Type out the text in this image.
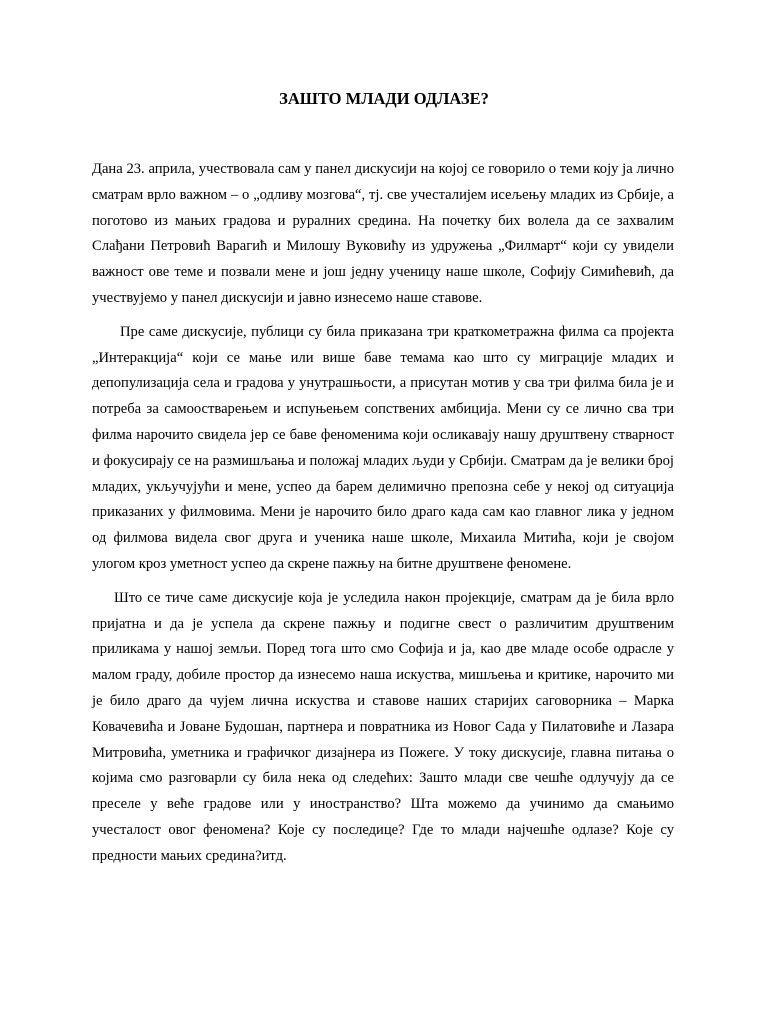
ЗАШТО МЛАДИ ОДЛАЗЕ?

Дана 23. априла, учествовала сам у панел дискусији на којој се говорило о теми коју ја лично сматрам врло важном – о „одливу мозгова“, тј. све учесталијем исељењу младих из Србије, а поготово из мањих градова и руралних средина. На почетку бих волела да се захвалим Слађани Петровић Варагић и Милошу Вуковићу из удружења „Филмарт“ који су увидели важност ове теме и позвали мене и још једну ученицу наше школе, Софију Симићевић, да учествујемо у панел дискусији и јавно изнесемо наше ставове.

Пре саме дискусије, публици су била приказана три краткометражна филма са пројекта „Интеракција“ који се мање или више баве темама као што су миграције младих и депопулизација села и градова у унутрашњости, а присутан мотив у сва три филма била је и потреба за самоостварењем и испуњењем сопствених амбиција. Мени су се лично сва три филма нарочито свидела јер се баве феноменима који осликавају нашу друштвену стварност и фокусирају се на размишљања и положај младих људи у Србији. Сматрам да је велики број младих, укључујући и мене, успео да барем делимично препозна себе у некој од ситуација приказаних у филмовима. Мени је нарочито било драго када сам као главног лика у једном од филмова видела свог друга и ученика наше школе, Михаила Митића, који је својом улогом кроз уметност успео да скрене пажњу на битне друштвене феномене.

Што се тиче саме дискусије која је уследила након пројекције, сматрам да је била врло пријатна и да је успела да скрене пажњу и подигне свест о различитим друштвеним приликама у нашој земљи. Поред тога што смо Софија и ја, као две младе особе одрасле у малом граду, добиле простор да изнесемо наша искуства, мишљења и критике, нарочито ми је било драго да чујем лична искуства и ставове наших старијих саговорника – Марка Ковачевића и Јоване Будошан, партнера и повратника из Новог Сада у Пилатовиће и Лазара Митровића, уметника и графичког дизајнера из Пожеге. У току дискусије, главна питања о којима смо разговарли су била нека од следећих: Зашто млади све чешће одлучују да се преселе у веће градове или у иностранство? Шта можемо да учинимо да смањимо учесталост овог феномена? Које су последице? Где то млади најчешће одлазе? Које су предности мањих средина?итд.
